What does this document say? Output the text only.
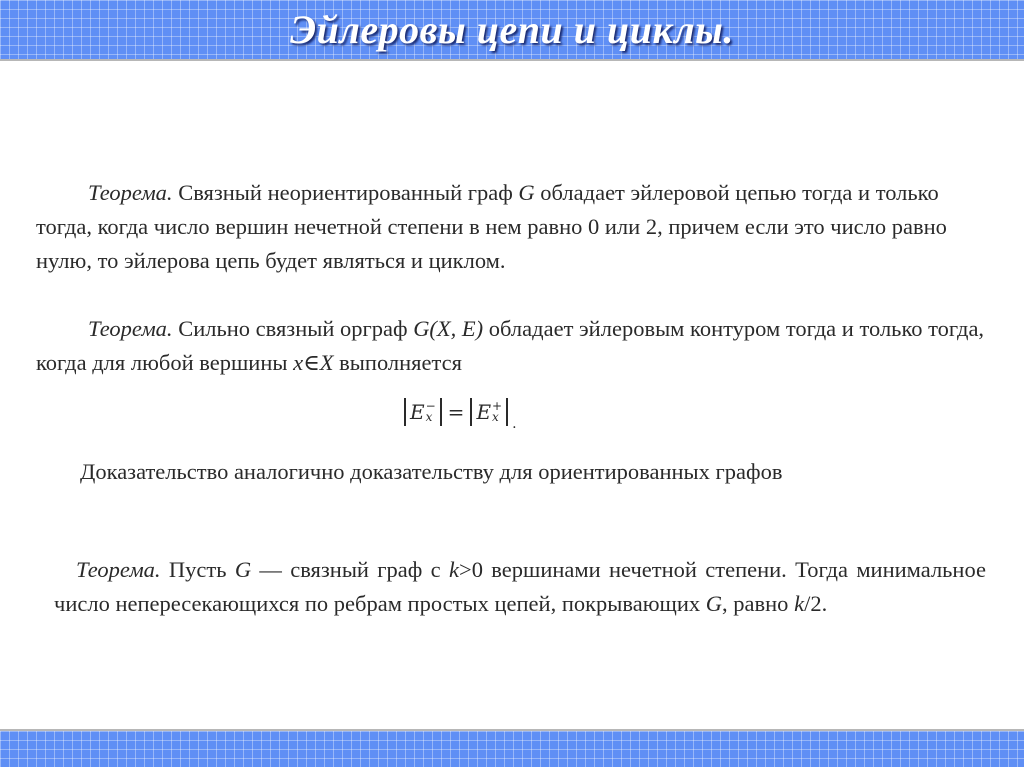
Эйлеровы цепи и циклы.

Теорема. Связный неориентированный граф G обладает эйлеровой цепью тогда и только тогда, когда число вершин нечетной степени в нем равно 0 или 2, причем если это число равно нулю, то эйлерова цепь будет являться и циклом.

Теорема. Сильно связный орграф G(X, E) обладает эйлеровым контуром тогда и только тогда, когда для любой вершины x∈X выполняется

E −
x = E +
x .

Доказательство аналогично доказательству для ориентированных графов

Теорема. Пусть G — связный граф с k>0 вершинами нечетной степени. Тогда минимальное число непересекающихся по ребрам простых цепей, покрывающих G, равно k/2.
